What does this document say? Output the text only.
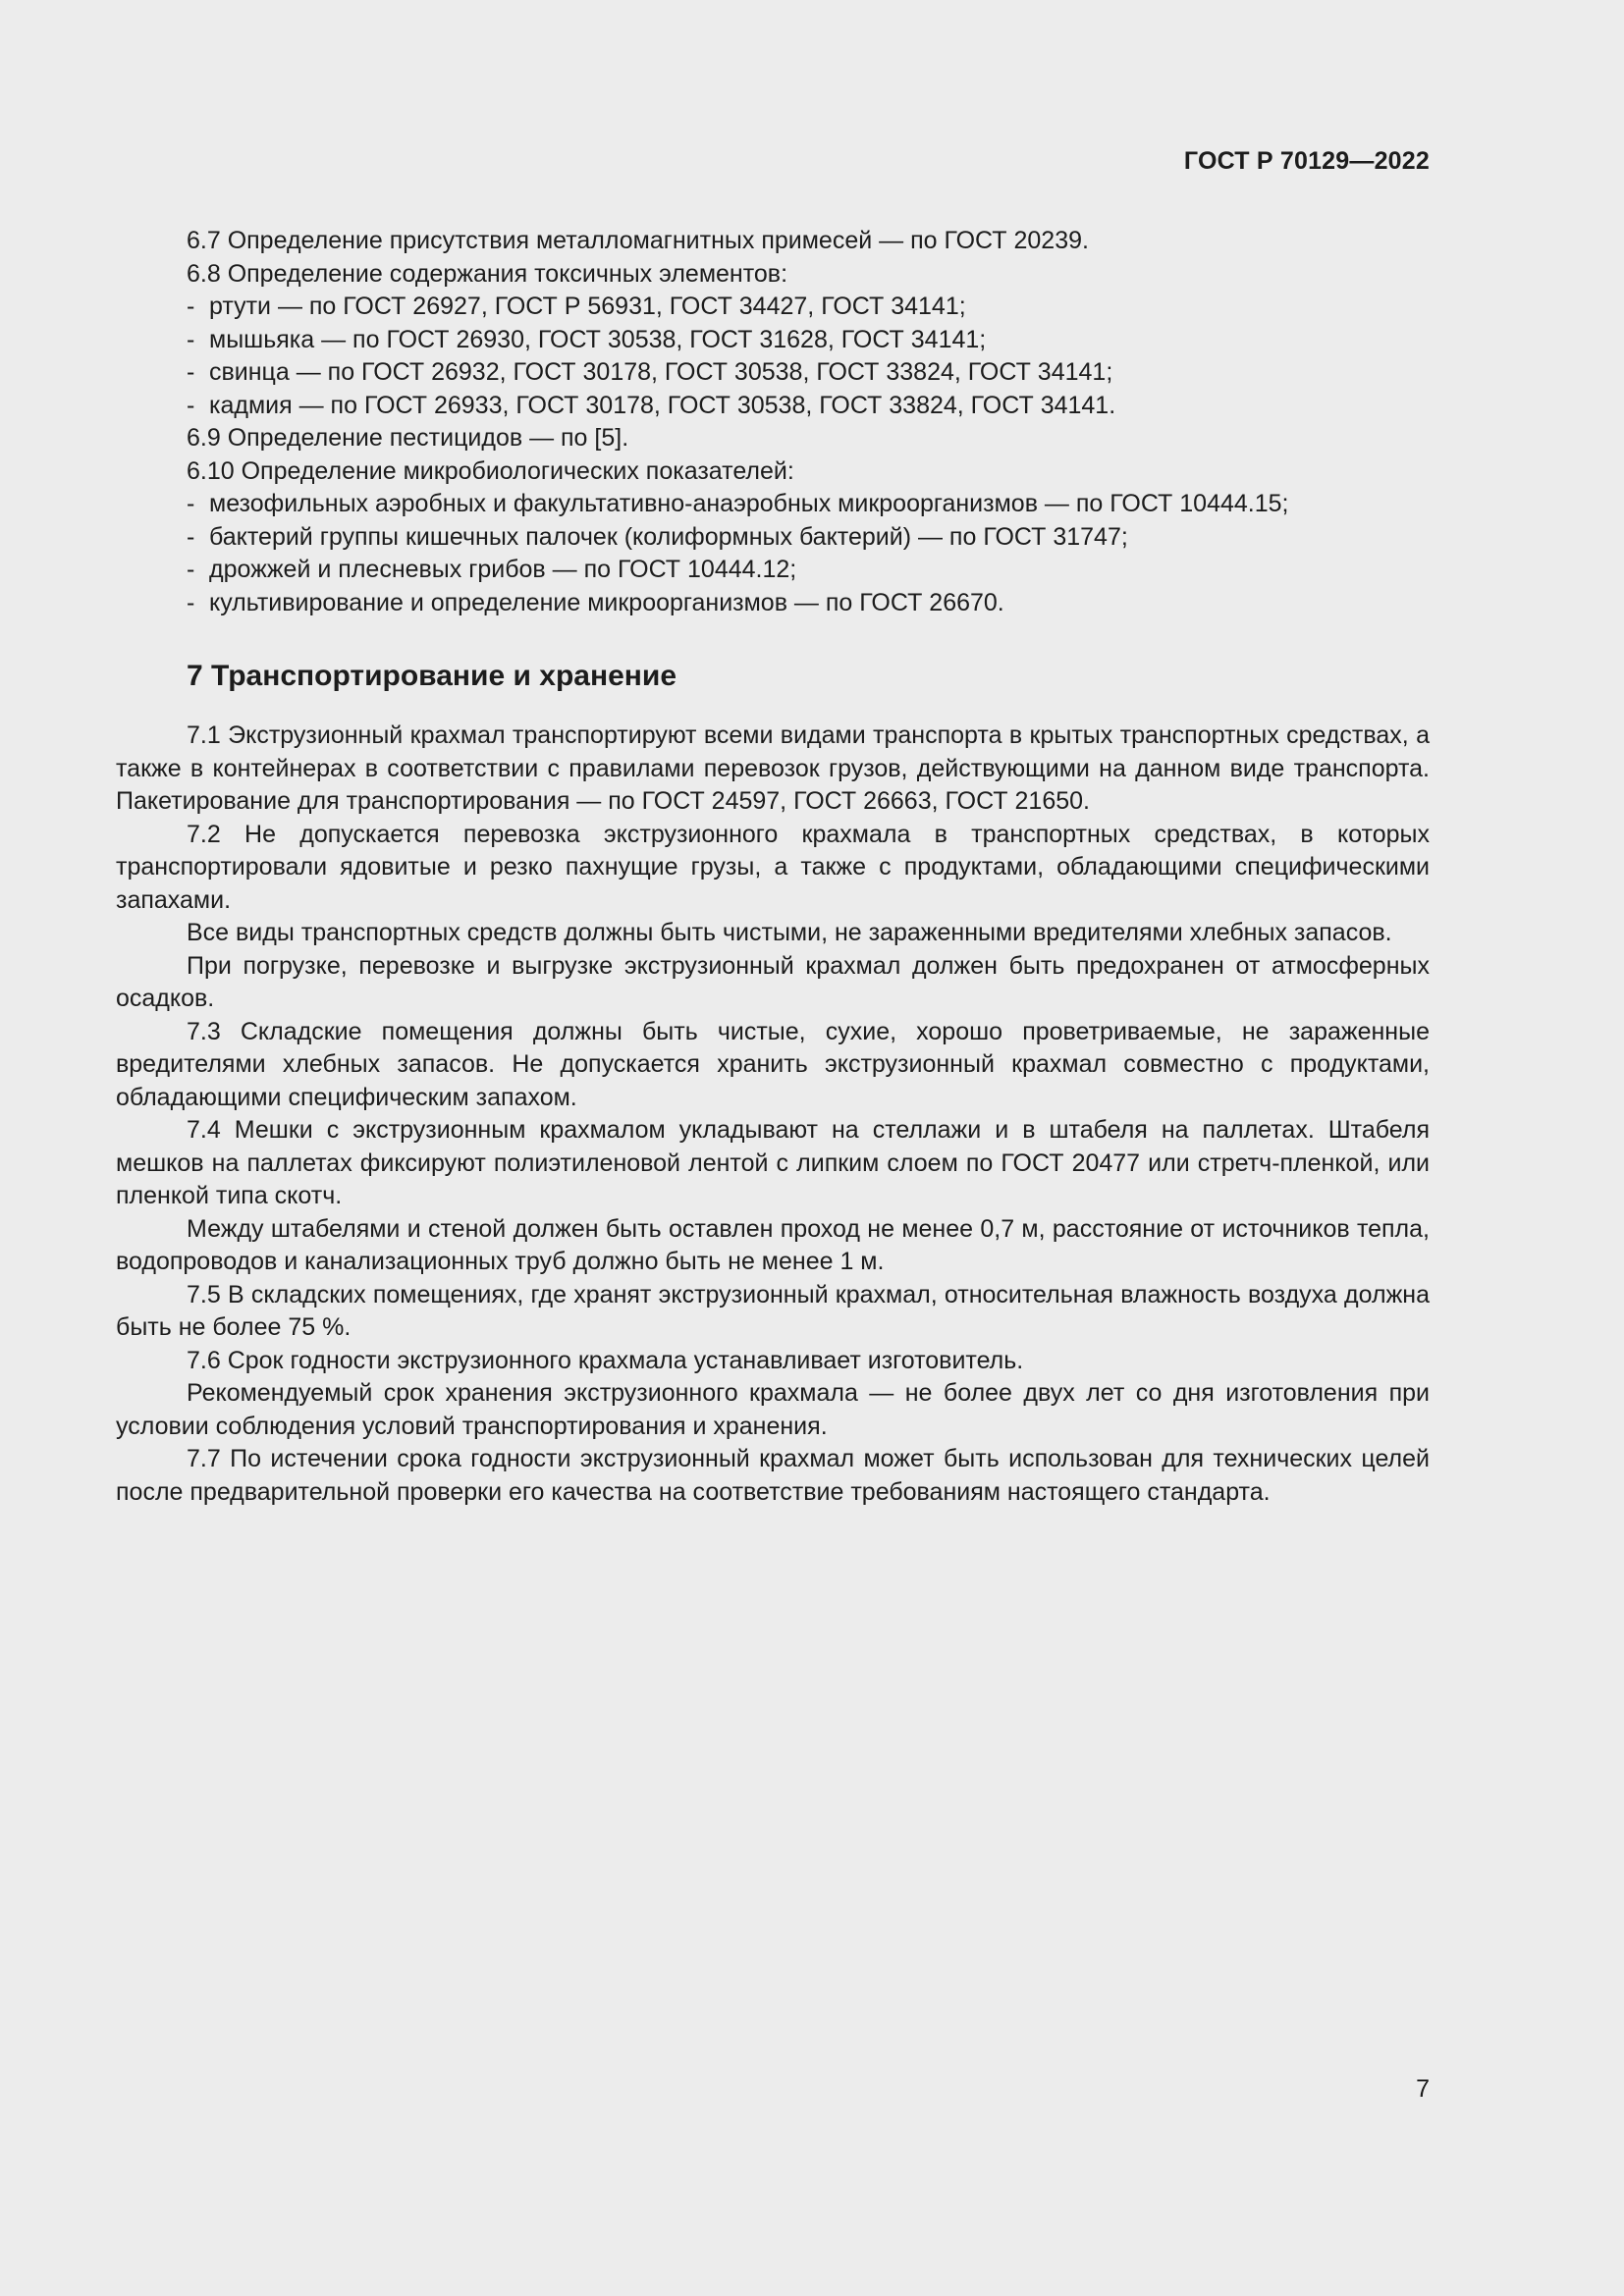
ГОСТ Р 70129—2022
6.7 Определение присутствия металломагнитных примесей — по ГОСТ 20239.
6.8 Определение содержания токсичных элементов:
- ртути — по ГОСТ 26927, ГОСТ Р 56931, ГОСТ 34427, ГОСТ 34141;
- мышьяка — по ГОСТ 26930, ГОСТ 30538, ГОСТ 31628, ГОСТ 34141;
- свинца — по ГОСТ 26932, ГОСТ 30178, ГОСТ 30538, ГОСТ 33824, ГОСТ 34141;
- кадмия — по ГОСТ 26933, ГОСТ 30178, ГОСТ 30538, ГОСТ 33824, ГОСТ 34141.
6.9 Определение пестицидов — по [5].
6.10 Определение микробиологических показателей:
- мезофильных аэробных и факультативно-анаэробных микроорганизмов — по ГОСТ 10444.15;
- бактерий группы кишечных палочек (колиформных бактерий) — по ГОСТ 31747;
- дрожжей и плесневых грибов — по ГОСТ 10444.12;
- культивирование и определение микроорганизмов — по ГОСТ 26670.
7 Транспортирование и хранение

7.1 Экструзионный крахмал транспортируют всеми видами транспорта в крытых транспортных средствах, а также в контейнерах в соответствии с правилами перевозок грузов, действующими на данном виде транспорта. Пакетирование для транспортирования — по ГОСТ 24597, ГОСТ 26663, ГОСТ 21650.

7.2 Не допускается перевозка экструзионного крахмала в транспортных средствах, в которых транспортировали ядовитые и резко пахнущие грузы, а также с продуктами, обладающими специфическими запахами.

Все виды транспортных средств должны быть чистыми, не зараженными вредителями хлебных запасов.

При погрузке, перевозке и выгрузке экструзионный крахмал должен быть предохранен от атмосферных осадков.

7.3 Складские помещения должны быть чистые, сухие, хорошо проветриваемые, не зараженные вредителями хлебных запасов. Не допускается хранить экструзионный крахмал совместно с продуктами, обладающими специфическим запахом.

7.4 Мешки с экструзионным крахмалом укладывают на стеллажи и в штабеля на паллетах. Штабеля мешков на паллетах фиксируют полиэтиленовой лентой с липким слоем по ГОСТ 20477 или стретч-пленкой, или пленкой типа скотч.

Между штабелями и стеной должен быть оставлен проход не менее 0,7 м, расстояние от источников тепла, водопроводов и канализационных труб должно быть не менее 1 м.

7.5 В складских помещениях, где хранят экструзионный крахмал, относительная влажность воздуха должна быть не более 75 %.

7.6 Срок годности экструзионного крахмала устанавливает изготовитель.

Рекомендуемый срок хранения экструзионного крахмала — не более двух лет со дня изготовления при условии соблюдения условий транспортирования и хранения.

7.7 По истечении срока годности экструзионный крахмал может быть использован для технических целей после предварительной проверки его качества на соответствие требованиям настоящего стандарта.

7
